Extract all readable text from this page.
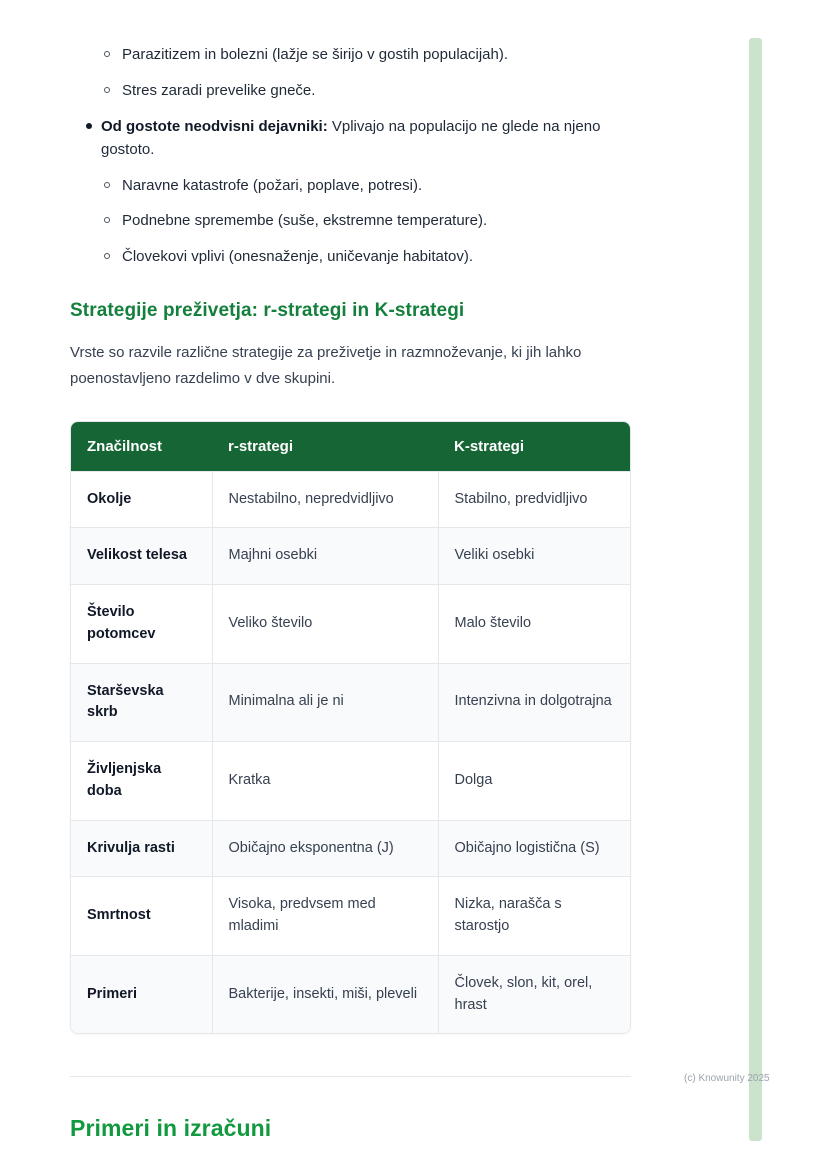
Parazitizem in bolezni (lažje se širijo v gostih populacijah).
Stres zaradi prevelike gneče.
Od gostote neodvisni dejavniki: Vplivajo na populacijo ne glede na njeno gostoto.
Naravne katastrofe (požari, poplave, potresi).
Podnebne spremembe (suše, ekstremne temperature).
Človekovi vplivi (onesnaženje, uničevanje habitatov).
Strategije preživetja: r-strategi in K-strategi

Vrste so razvile različne strategije za preživetje in razmnoževanje, ki jih lahko poenostavljeno razdelimo v dve skupini.

Značilnost	r-strategi	K-strategi
Okolje	Nestabilno, nepredvidljivo	Stabilno, predvidljivo
Velikost telesa	Majhni osebki	Veliki osebki
Število potomcev	Veliko število	Malo število
Starševska skrb	Minimalna ali je ni	Intenzivna in dolgotrajna
Življenjska doba	Kratka	Dolga
Krivulja rasti	Običajno eksponentna (J)	Običajno logistična (S)
Smrtnost	Visoka, predvsem med mladimi	Nizka, narašča s starostjo
Primeri	Bakterije, insekti, miši, pleveli	Človek, slon, kit, orel, hrast
Primeri in izračuni
(c) Knowunity 2025
